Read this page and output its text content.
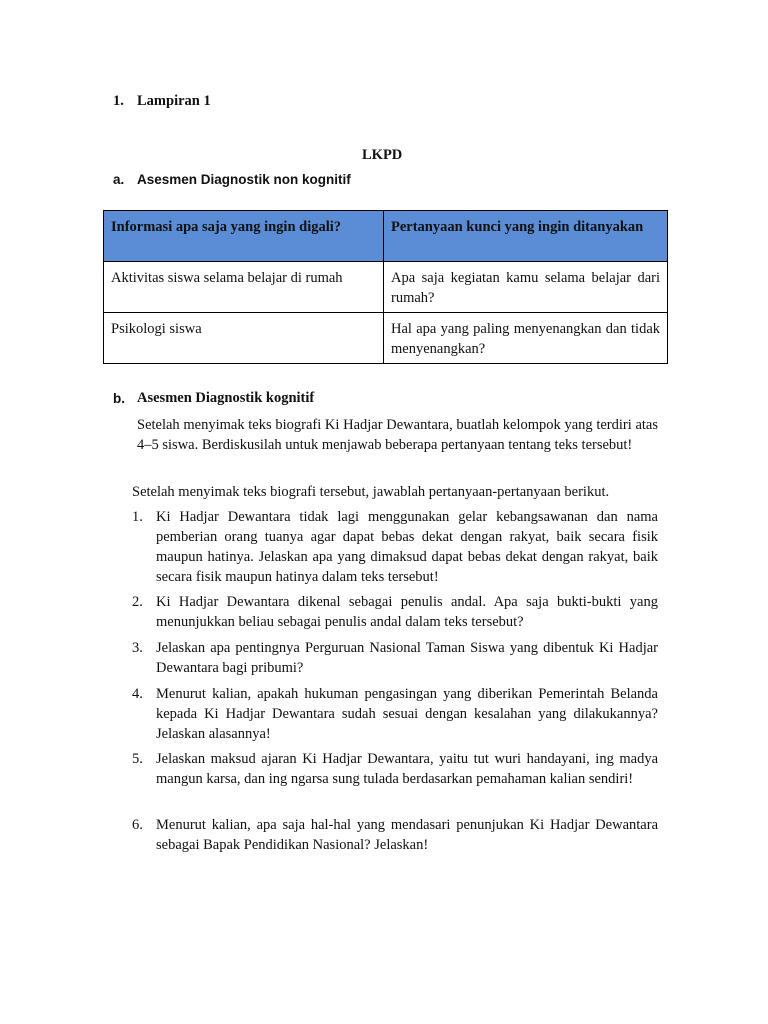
1. Lampiran 1
LKPD
a. Asesmen Diagnostik non kognitif
Informasi apa saja yang ingin digali?	Pertanyaan kunci yang ingin ditanyakan
Aktivitas siswa selama belajar di rumah	Apa saja kegiatan kamu selama belajar dari rumah?
Psikologi siswa	Hal apa yang paling menyenangkan dan tidak menyenangkan?
b. Asesmen Diagnostik kognitif
Setelah menyimak teks biografi Ki Hadjar Dewantara, buatlah kelompok yang terdiri atas 4–5 siswa. Berdiskusilah untuk menjawab beberapa pertanyaan tentang teks tersebut!
Setelah menyimak teks biografi tersebut, jawablah pertanyaan-pertanyaan berikut.
1. Ki Hadjar Dewantara tidak lagi menggunakan gelar kebangsawanan dan nama pemberian orang tuanya agar dapat bebas dekat dengan rakyat, baik secara fisik maupun hatinya. Jelaskan apa yang dimaksud dapat bebas dekat dengan rakyat, baik secara fisik maupun hatinya dalam teks tersebut!
2. Ki Hadjar Dewantara dikenal sebagai penulis andal. Apa saja bukti-bukti yang menunjukkan beliau sebagai penulis andal dalam teks tersebut?
3. Jelaskan apa pentingnya Perguruan Nasional Taman Siswa yang dibentuk Ki Hadjar Dewantara bagi pribumi?
4. Menurut kalian, apakah hukuman pengasingan yang diberikan Pemerintah Belanda kepada Ki Hadjar Dewantara sudah sesuai dengan kesalahan yang dilakukannya? Jelaskan alasannya!
5. Jelaskan maksud ajaran Ki Hadjar Dewantara, yaitu tut wuri handayani, ing madya mangun karsa, dan ing ngarsa sung tulada berdasarkan pemahaman kalian sendiri!
6. Menurut kalian, apa saja hal-hal yang mendasari penunjukan Ki Hadjar Dewantara sebagai Bapak Pendidikan Nasional? Jelaskan!
